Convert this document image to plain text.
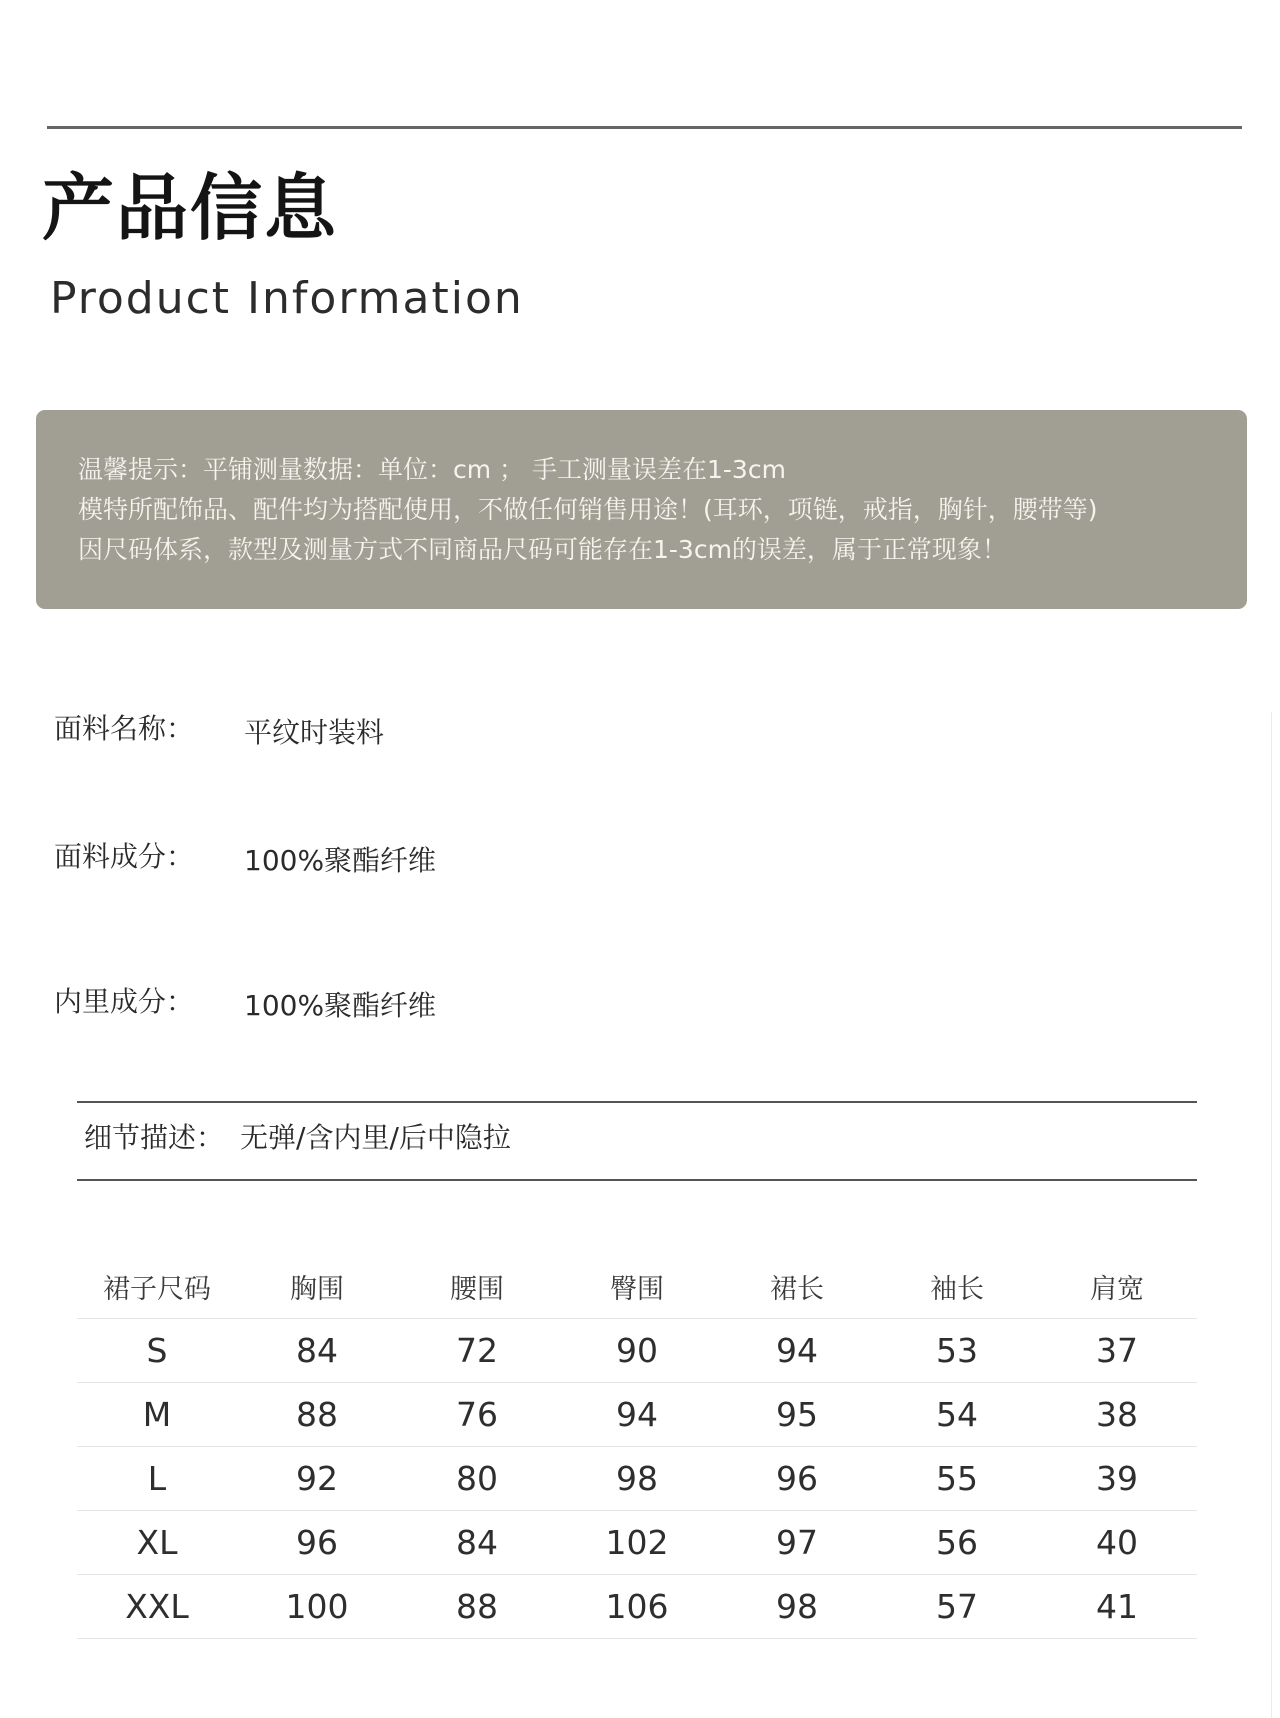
产品信息
Product Information
温馨提示：平铺测量数据：单位：cm ； 手工测量误差在1-3cm
模特所配饰品、配件均为搭配使用，不做任何销售用途！(耳环，项链，戒指，胸针，腰带等)
因尺码体系，款型及测量方式不同商品尺码可能存在1-3cm的误差，属于正常现象！
面料名称： 平纹时装料
面料成分： 100%聚酯纤维
内里成分： 100%聚酯纤维
细节描述： 无弹/含内里/后中隐拉
裙子尺码	胸围	腰围	臀围	裙长	袖长	肩宽
S	84	72	90	94	53	37
M	88	76	94	95	54	38
L	92	80	98	96	55	39
XL	96	84	102	97	56	40
XXL	100	88	106	98	57	41
